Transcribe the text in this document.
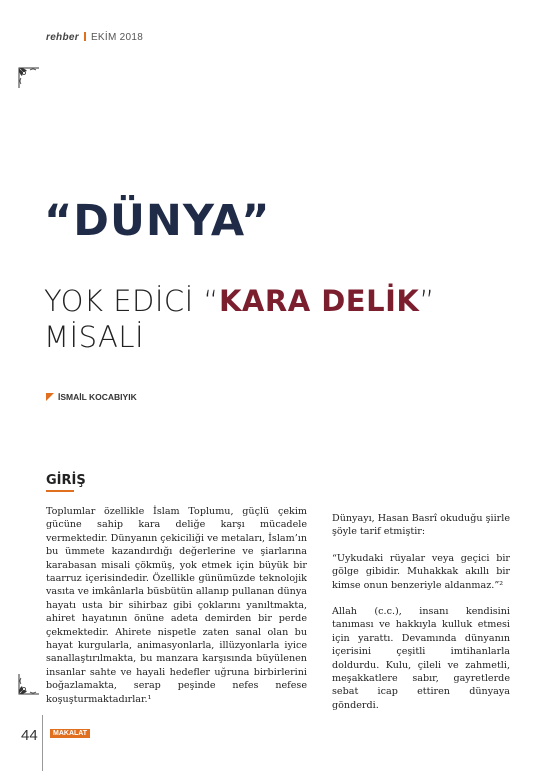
rehber EKİM 2018
“DÜNYA”
YOK EDİCİ “KARA DELİK”
MİSALİ
İSMAİL KOCABIYIK
GİRİŞ

Toplumlar özellikle İslam Toplumu, güçlü çekim gücüne sahip kara deliğe karşı mücadele vermektedir. Dünyanın çekiciliği ve metaları, İslam’ın bu ümmete kazandırdığı değerlerine ve şiarlarına karabasan misali çökmüş, yok etmek için büyük bir taarruz içerisindedir. Özellikle günümüzde teknolojik vasıta ve imkânlarla büsbütün allanıp pullanan dünya hayatı usta bir sihirbaz gibi çoklarını yanıltmakta, ahiret hayatının önüne adeta demirden bir perde çekmektedir. Ahirete nispetle zaten sanal olan bu hayat kurgularla, animasyonlarla, illüzyonlarla iyice sanallaştırılmakta, bu manzara karşısında büyülenen insanlar sahte ve hayali hedefler uğruna birbirlerini boğazlamakta, serap peşinde nefes nefese koşuşturmaktadırlar.¹

Dünyayı, Hasan Basrî okuduğu şiirle şöyle tarif etmiştir:

“Uykudaki rüyalar veya geçici bir gölge gibidir. Muhakkak akıllı bir kimse onun benzeriyle aldanmaz.”²

Allah (c.c.), insanı kendisini tanıması ve hakkıyla kulluk etmesi için yarattı. Devamında dünyanın içerisini çeşitli imtihanlarla doldurdu. Kulu, çileli ve zahmetli, meşakkatlere sabır, gayretlerde sebat icap ettiren dünyaya gönderdi.

44	MAKALAT
